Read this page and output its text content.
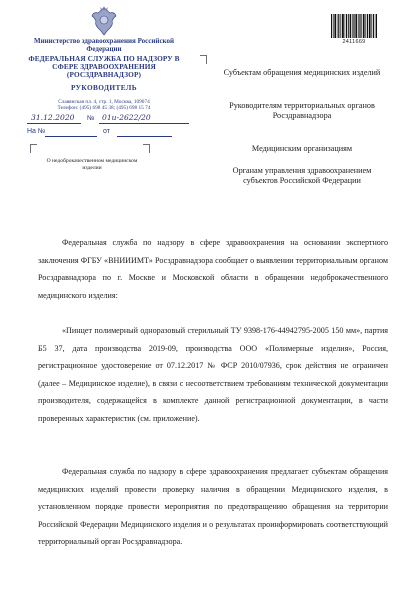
Министерство здравоохранения Российской Федерации
ФЕДЕРАЛЬНАЯ СЛУЖБА ПО НАДЗОРУ В СФЕРЕ ЗДРАВООХРАНЕНИЯ (РОСЗДРАВНАДЗОР)
РУКОВОДИТЕЛЬ
Славянская пл. 4, стр. 1, Москва, 109074
Телефон: (495) 698 45 38; (495) 698 15 74
31.12.2020 № 01и-2622/20
На №	от
О недоброкачественном медицинском изделии
2411669
Субъектам обращения медицинских изделий
Руководителям территориальных органов Росздравнадзора
Медицинским организациям
Органам управления здравоохранением субъектов Российской Федерации
Федеральная служба по надзору в сфере здравоохранения на основании экспертного заключения ФГБУ «ВНИИИМТ» Росздравнадзора сообщает о выявлении территориальным органом Росздравнадзора по г. Москве и Московской области в обращении недоброкачественного медицинского изделия:
«Пинцет полимерный одноразовый стерильный ТУ 9398-176-44942795-2005 150 мм», партия Б5 37, дата производства 2019-09, производства ООО «Полимерные изделия», Россия, регистрационное удостоверение от 07.12.2017 № ФСР 2010/07936, срок действия не ограничен (далее – Медицинское изделие), в связи с несоответствием требованиям технической документации производителя, содержащейся в комплекте данной регистрационной документации, в части проверенных характеристик (см. приложение).
Федеральная служба по надзору в сфере здравоохранения предлагает субъектам обращения медицинских изделий провести проверку наличия в обращении Медицинского изделия, в установленном порядке провести мероприятия по предотвращению обращения на территории Российской Федерации Медицинского изделия и о результатах проинформировать соответствующий территориальный орган Росздравнадзора.
